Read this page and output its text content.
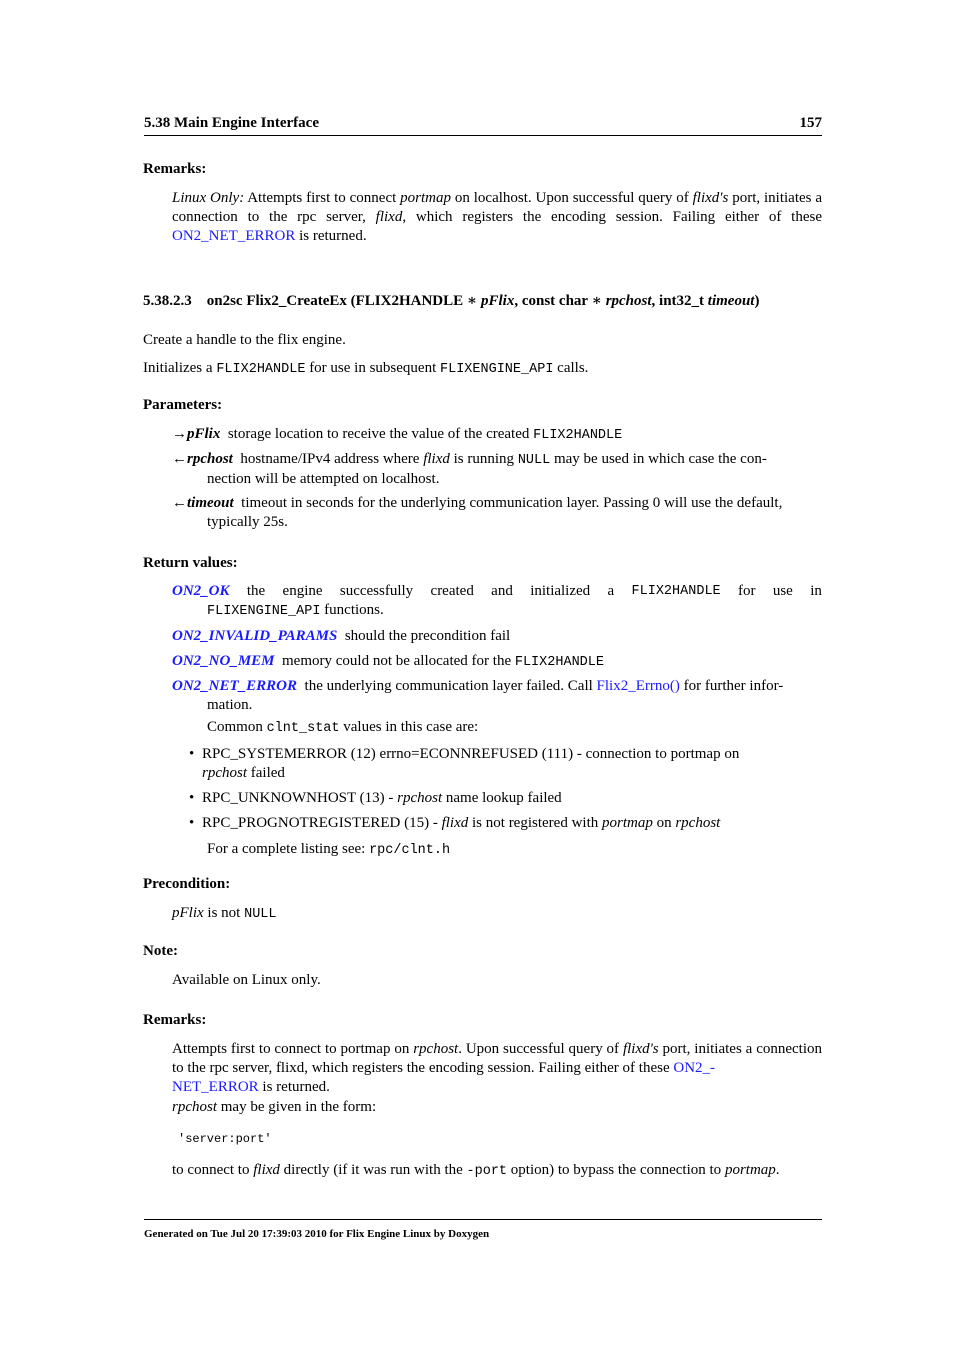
5.38 Main Engine Interface	157
Remarks:
Linux Only: Attempts first to connect portmap on localhost. Upon successful query of flixd's port, initiates a connection to the rpc server, flixd, which registers the encoding session. Failing either of these ON2_NET_ERROR is returned.
5.38.2.3 on2sc Flix2_CreateEx (FLIX2HANDLE ∗ pFlix, const char ∗ rpchost, int32_t timeout)
Create a handle to the flix engine.
Initializes a FLIX2HANDLE for use in subsequent FLIXENGINE_API calls.
Parameters:
→pFlix storage location to receive the value of the created FLIX2HANDLE
←rpchost hostname/IPv4 address where flixd is running NULL may be used in which case the con-
nection will be attempted on localhost.
←timeout timeout in seconds for the underlying communication layer. Passing 0 will use the default,
typically 25s.
Return values:
ON2_OK the engine successfully created and initialized a FLIX2HANDLE for use in
FLIXENGINE_API functions.
ON2_INVALID_PARAMS should the precondition fail
ON2_NO_MEM memory could not be allocated for the FLIX2HANDLE
ON2_NET_ERROR the underlying communication layer failed. Call Flix2_Errno() for further infor-
mation.
Common clnt_stat values in this case are:
• RPC_SYSTEMERROR (12) errno=ECONNREFUSED (111) - connection to portmap on
rpchost failed
• RPC_UNKNOWNHOST (13) - rpchost name lookup failed
• RPC_PROGNOTREGISTERED (15) - flixd is not registered with portmap on rpchost
For a complete listing see: rpc/clnt.h
Precondition:
pFlix is not NULL
Note:
Available on Linux only.
Remarks:
Attempts first to connect to portmap on rpchost. Upon successful query of flixd's port, initiates a connection to the rpc server, flixd, which registers the encoding session. Failing either of these ON2_-
NET_ERROR is returned.
rpchost may be given in the form:
'server:port'
to connect to flixd directly (if it was run with the -port option) to bypass the connection to portmap.
Generated on Tue Jul 20 17:39:03 2010 for Flix Engine Linux by Doxygen
